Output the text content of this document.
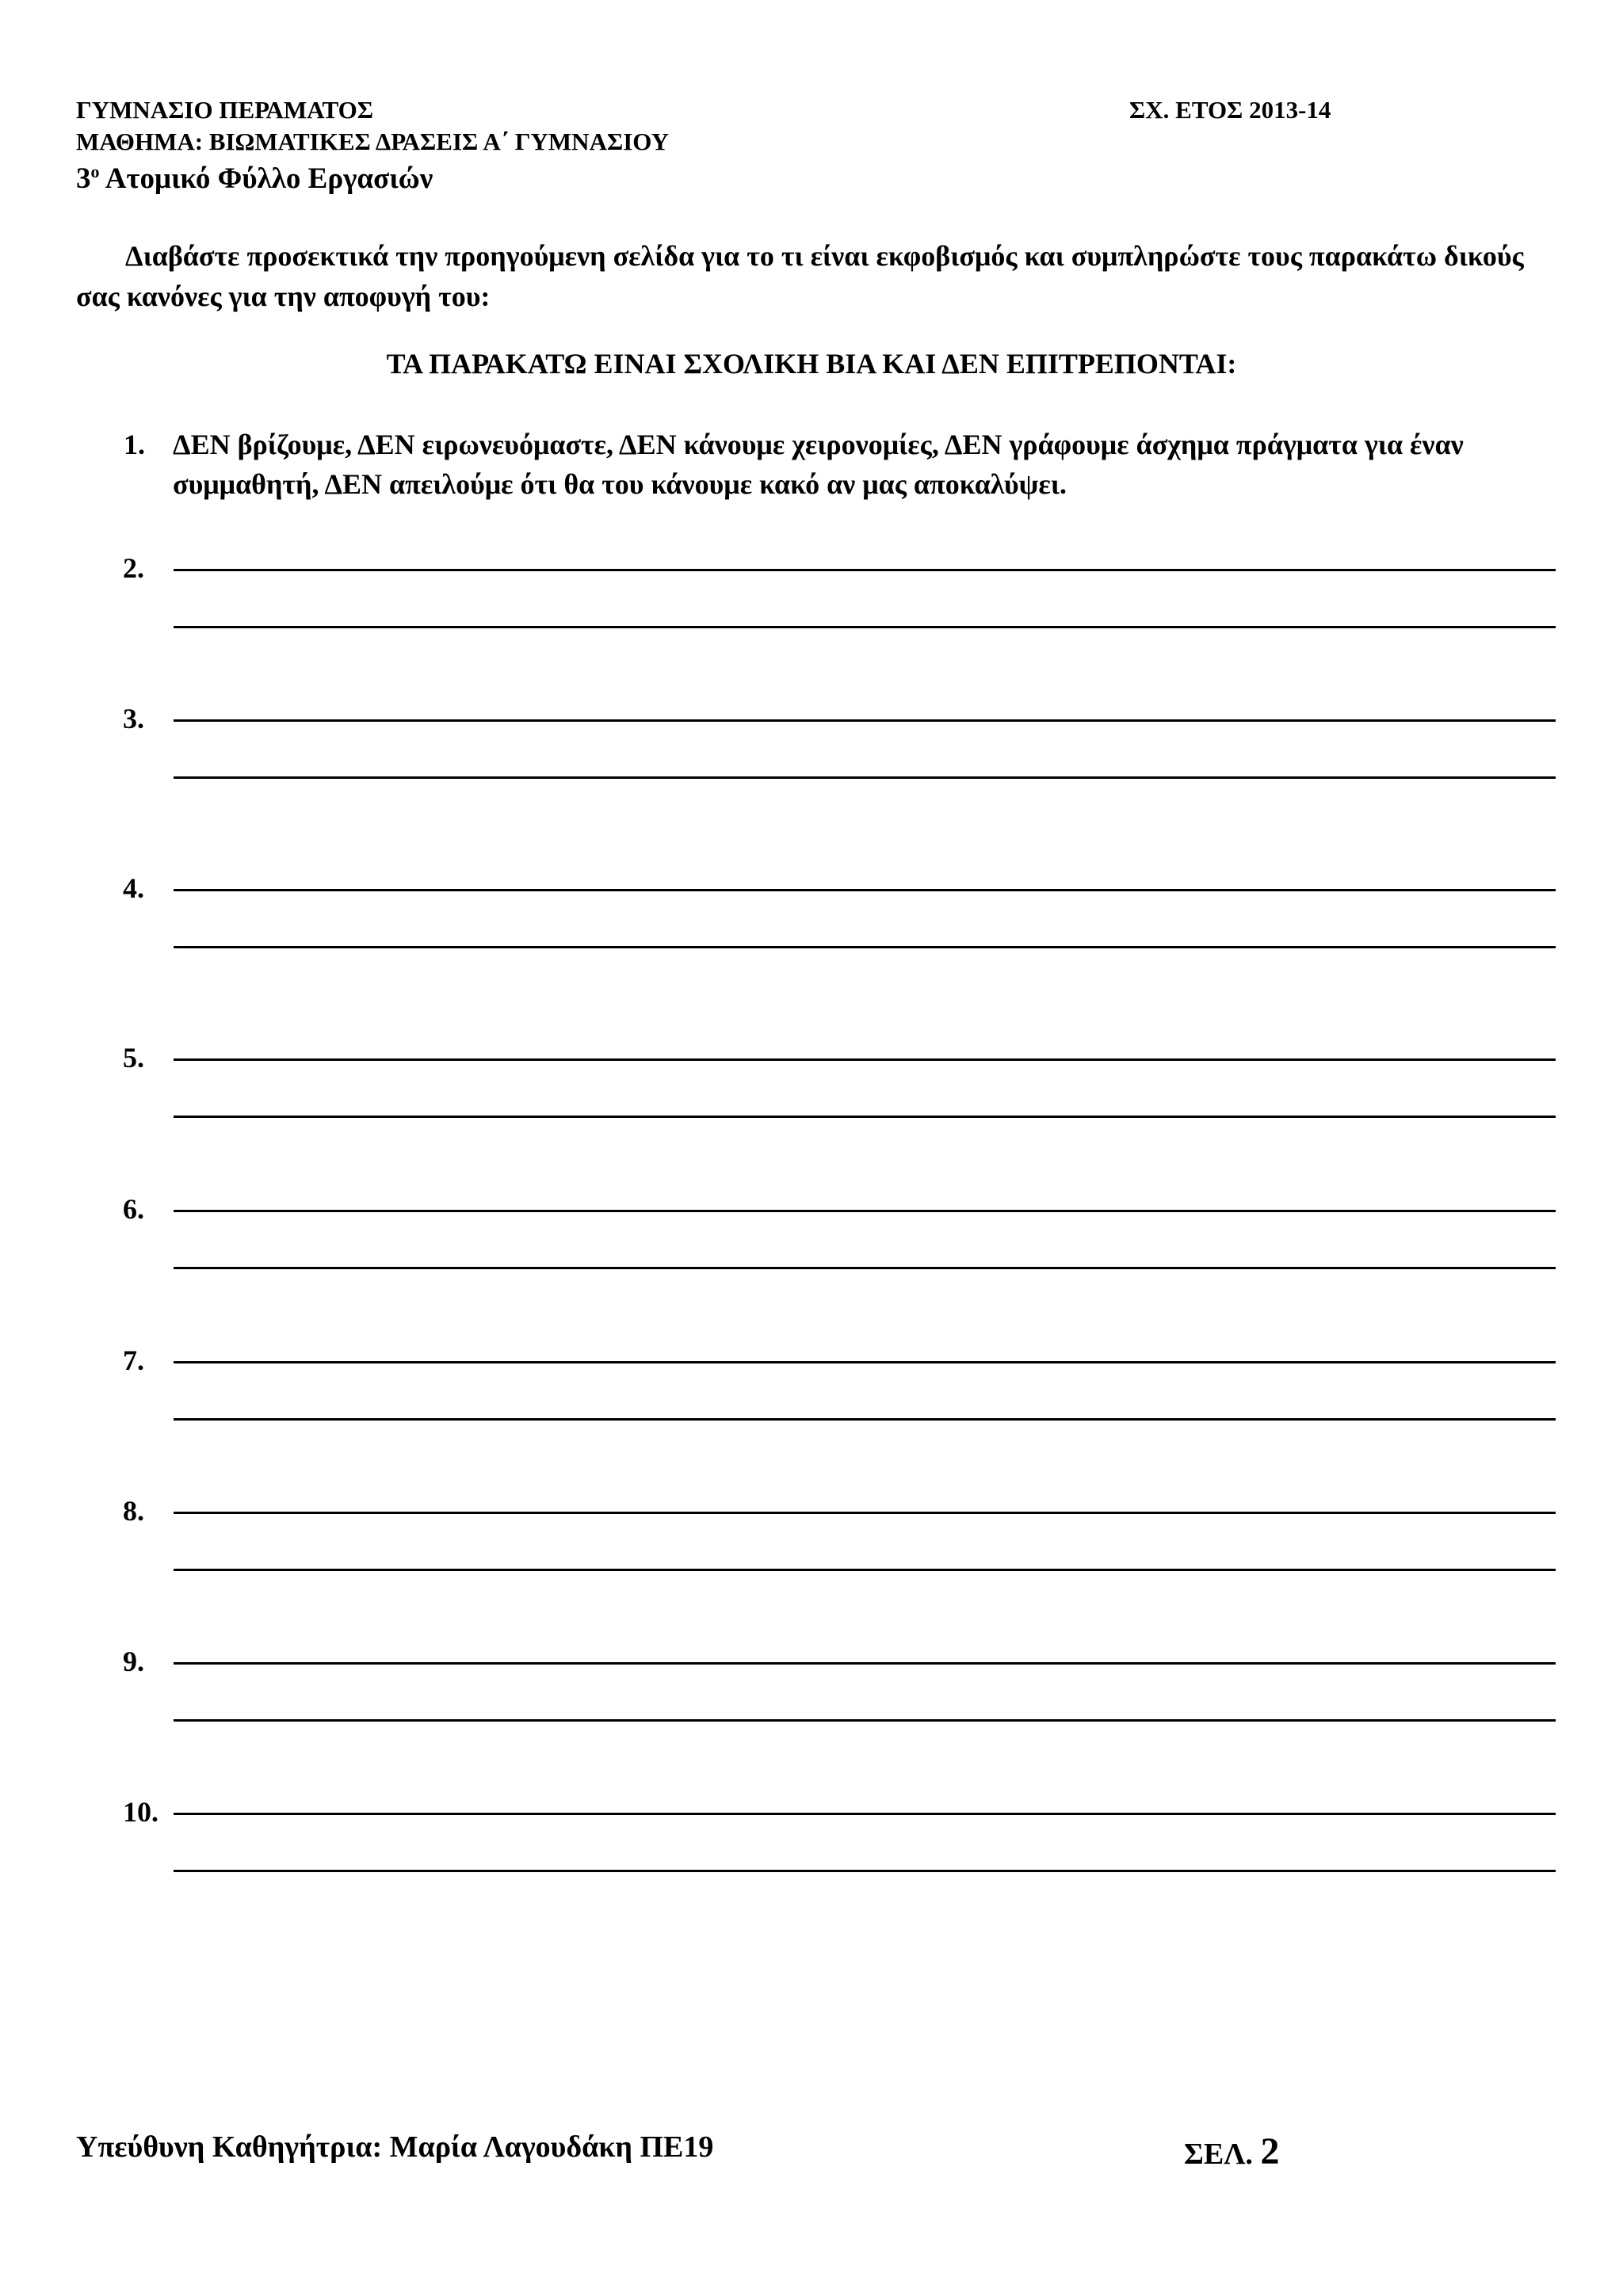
ΓΥΜΝΑΣΙΟ ΠΕΡΑΜΑΤΟΣ	ΣΧ. ΕΤΟΣ 2013-14
ΜΑΘΗΜΑ: ΒΙΩΜΑΤΙΚΕΣ ΔΡΑΣΕΙΣ Α΄ ΓΥΜΝΑΣΙΟΥ
$3^o$ Ατομικό Φύλλο Εργασιών
Διαβάστε προσεκτικά την προηγούμενη σελίδα για το τι είναι εκφοβισμός και συμπληρώστε τους παρακάτω δικούς σας κανόνες για την αποφυγή του:
ΤΑ ΠΑΡΑΚΑΤΩ ΕΙΝΑΙ ΣΧΟΛΙΚΗ ΒΙΑ ΚΑΙ ΔΕΝ ΕΠΙΤΡΕΠΟΝΤΑΙ:
1. ΔΕΝ βρίζουμε, ΔΕΝ ειρωνευόμαστε, ΔΕΝ κάνουμε χειρονομίες, ΔΕΝ γράφουμε άσχημα πράγματα για έναν συμμαθητή, ΔΕΝ απειλούμε ότι θα του κάνουμε κακό αν μας αποκαλύψει.
2.
3.
4.
5.
6.
7.
8.
9.
10.
Υπεύθυνη Καθηγήτρια: Μαρία Λαγουδάκη ΠΕ19	ΣΕΛ. 2
